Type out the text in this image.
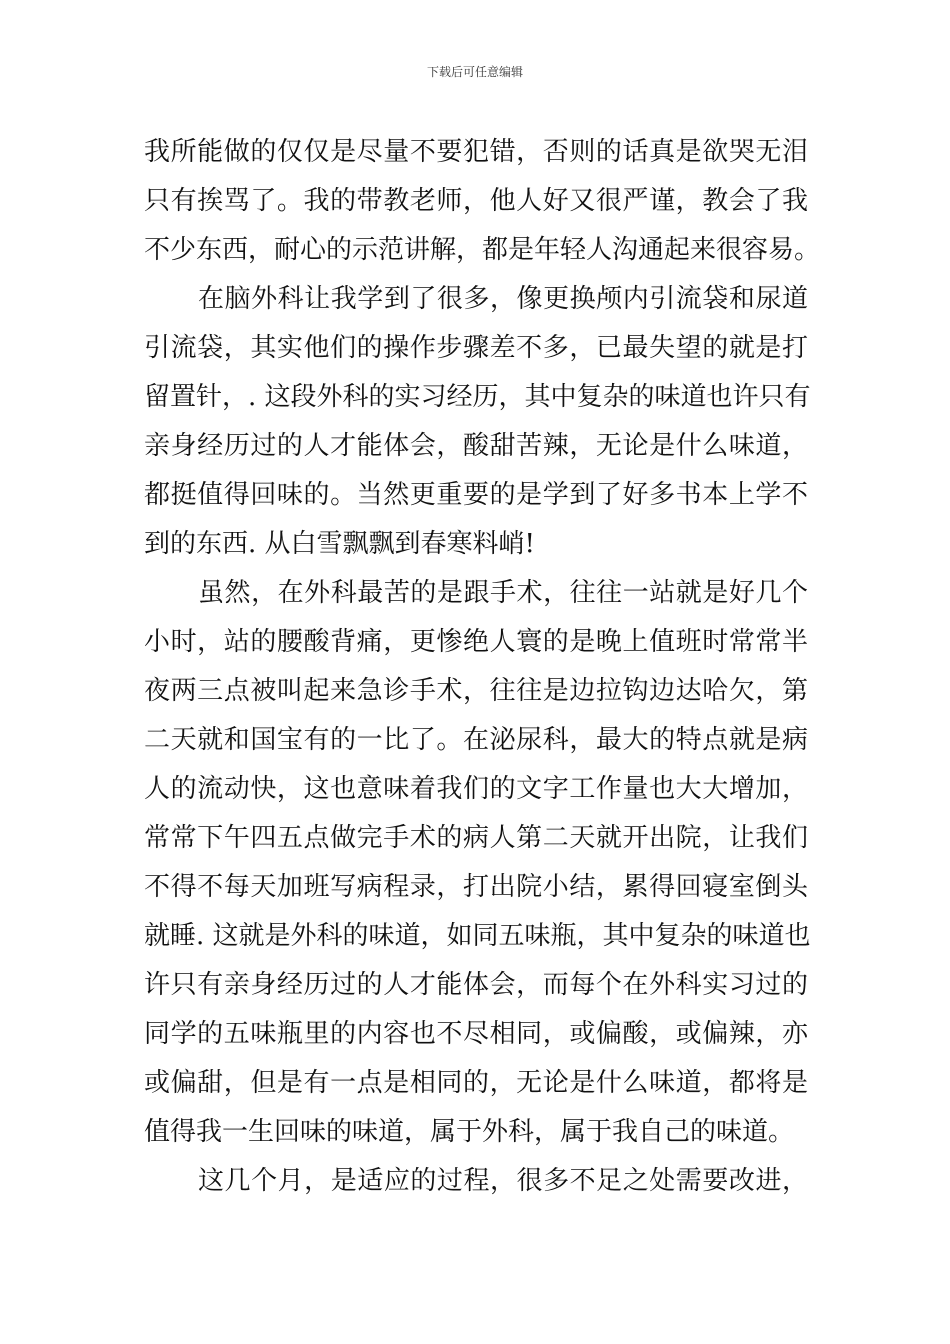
下载后可任意编辑
我所能做的仅仅是尽量不要犯错，否则的话真是欲哭无泪
只有挨骂了。我的带教老师，他人好又很严谨，教会了我
不少东西，耐心的示范讲解，都是年轻人沟通起来很容易。
在脑外科让我学到了很多，像更换颅内引流袋和尿道
引流袋，其实他们的操作步骤差不多，已最失望的就是打
留置针，. 这段外科的实习经历，其中复杂的味道也许只有
亲身经历过的人才能体会，酸甜苦辣，无论是什么味道，
都挺值得回味的。当然更重要的是学到了好多书本上学不
到的东西. 从白雪飘飘到春寒料峭!
虽然，在外科最苦的是跟手术，往往一站就是好几个
小时，站的腰酸背痛，更惨绝人寰的是晚上值班时常常半
夜两三点被叫起来急诊手术，往往是边拉钩边达哈欠，第
二天就和国宝有的一比了。在泌尿科，最大的特点就是病
人的流动快，这也意味着我们的文字工作量也大大增加，
常常下午四五点做完手术的病人第二天就开出院，让我们
不得不每天加班写病程录，打出院小结，累得回寝室倒头
就睡. 这就是外科的味道，如同五味瓶，其中复杂的味道也
许只有亲身经历过的人才能体会，而每个在外科实习过的
同学的五味瓶里的内容也不尽相同，或偏酸，或偏辣，亦
或偏甜，但是有一点是相同的，无论是什么味道，都将是
值得我一生回味的味道，属于外科，属于我自己的味道。
这几个月，是适应的过程，很多不足之处需要改进，
